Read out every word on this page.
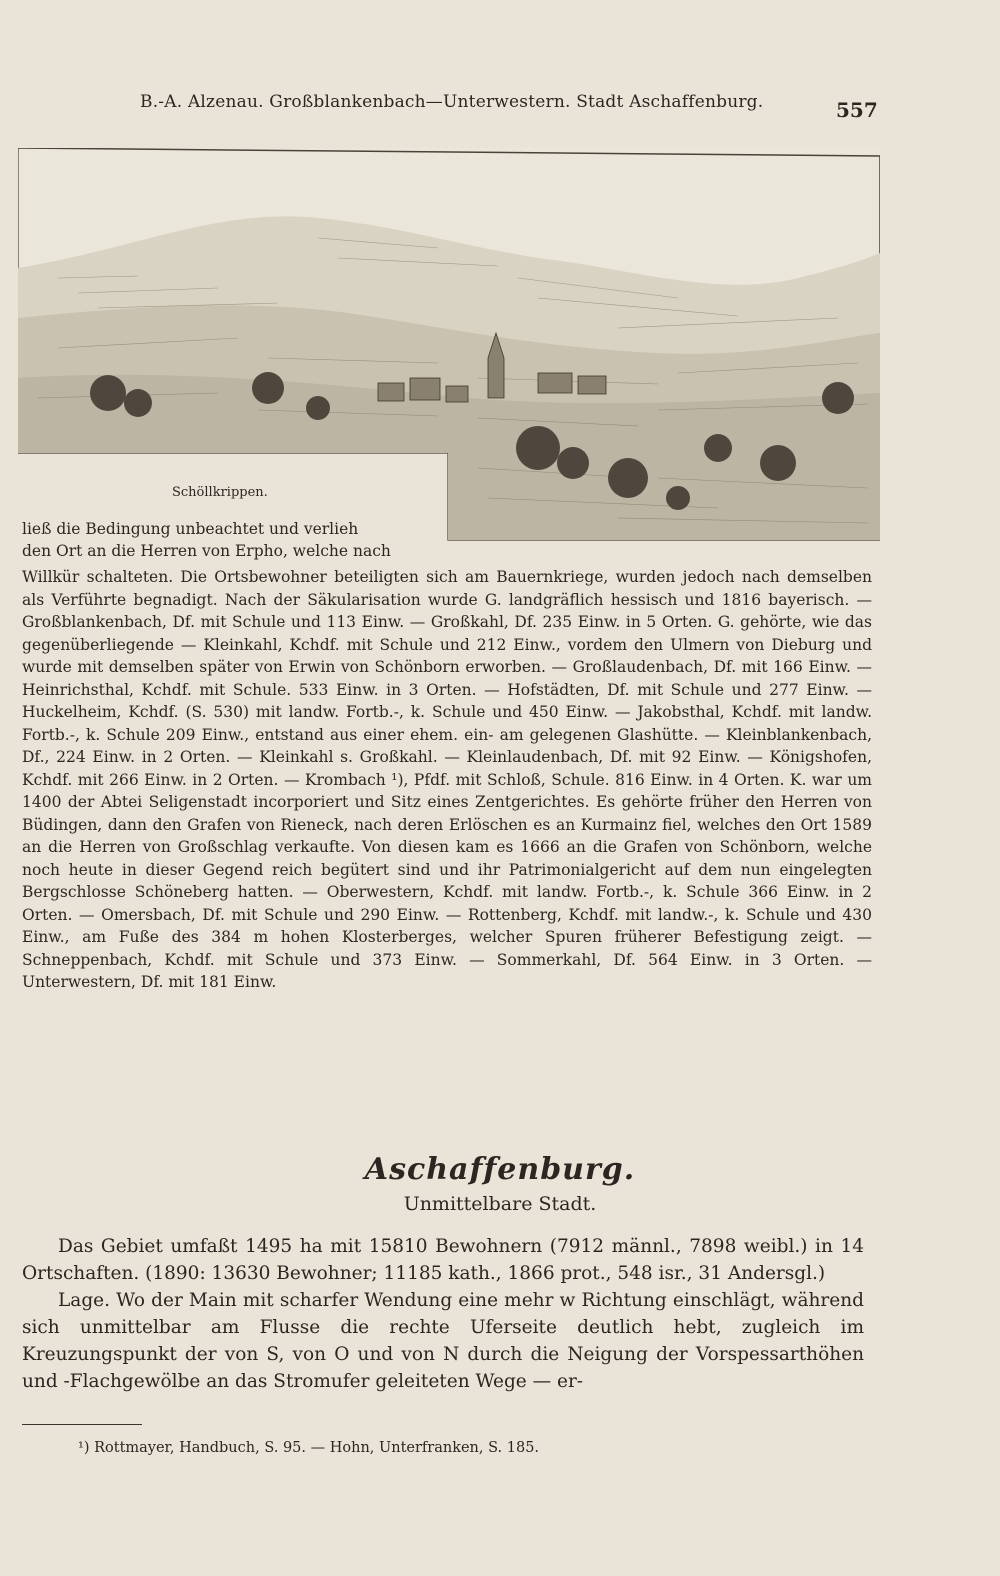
B.-A. Alzenau. Großblankenbach—Unterwestern. Stadt Aschaffenburg.	557
Schöllkrippen.

ließ die Bedingung unbeachtet und verlieh

den Ort an die Herren von Erpho, welche nach

Willkür schalteten. Die Ortsbewohner beteiligten sich am Bauernkriege, wurden jedoch nach demselben als Verführte begnadigt. Nach der Säkularisation wurde G. landgräflich hessisch und 1816 bayerisch. — Großblankenbach, Df. mit Schule und 113 Einw. — Großkahl, Df. 235 Einw. in 5 Orten. G. gehörte, wie das gegenüberliegende — Kleinkahl, Kchdf. mit Schule und 212 Einw., vordem den Ulmern von Dieburg und wurde mit demselben später von Erwin von Schönborn erworben. — Großlaudenbach, Df. mit 166 Einw. — Heinrichsthal, Kchdf. mit Schule. 533 Einw. in 3 Orten. — Hofstädten, Df. mit Schule und 277 Einw. — Huckelheim, Kchdf. (S. 530) mit landw. Fortb.-, k. Schule und 450 Einw. — Jakobsthal, Kchdf. mit landw. Fortb.-, k. Schule 209 Einw., entstand aus einer ehem. ein- am gelegenen Glashütte. — Kleinblankenbach, Df., 224 Einw. in 2 Orten. — Kleinkahl s. Großkahl. — Kleinlaudenbach, Df. mit 92 Einw. — Königshofen, Kchdf. mit 266 Einw. in 2 Orten. — Krombach ¹), Pfdf. mit Schloß, Schule. 816 Einw. in 4 Orten. K. war um 1400 der Abtei Seligenstadt incorporiert und Sitz eines Zentgerichtes. Es gehörte früher den Herren von Büdingen, dann den Grafen von Rieneck, nach deren Erlöschen es an Kurmainz fiel, welches den Ort 1589 an die Herren von Großschlag verkaufte. Von diesen kam es 1666 an die Grafen von Schönborn, welche noch heute in dieser Gegend reich begütert sind und ihr Patrimonialgericht auf dem nun eingelegten Bergschlosse Schöneberg hatten. — Oberwestern, Kchdf. mit landw. Fortb.-, k. Schule 366 Einw. in 2 Orten. — Omersbach, Df. mit Schule und 290 Einw. — Rottenberg, Kchdf. mit landw.-, k. Schule und 430 Einw., am Fuße des 384 m hohen Klosterberges, welcher Spuren früherer Befestigung zeigt. — Schneppenbach, Kchdf. mit Schule und 373 Einw. — Sommerkahl, Df. 564 Einw. in 3 Orten. — Unterwestern, Df. mit 181 Einw.
Aschaffenburg.
Unmittelbare Stadt.

Das Gebiet umfaßt 1495 ha mit 15810 Bewohnern (7912 männl., 7898 weibl.) in 14 Ortschaften. (1890: 13630 Bewohner; 11185 kath., 1866 prot., 548 isr., 31 Andersgl.)

Lage. Wo der Main mit scharfer Wendung eine mehr w Richtung einschlägt, während sich unmittelbar am Flusse die rechte Uferseite deutlich hebt, zugleich im Kreuzungspunkt der von S, von O und von N durch die Neigung der Vorspessarthöhen und -Flachgewölbe an das Stromufer geleiteten Wege — er-

¹) Rottmayer, Handbuch, S. 95. — Hohn, Unterfranken, S. 185.
